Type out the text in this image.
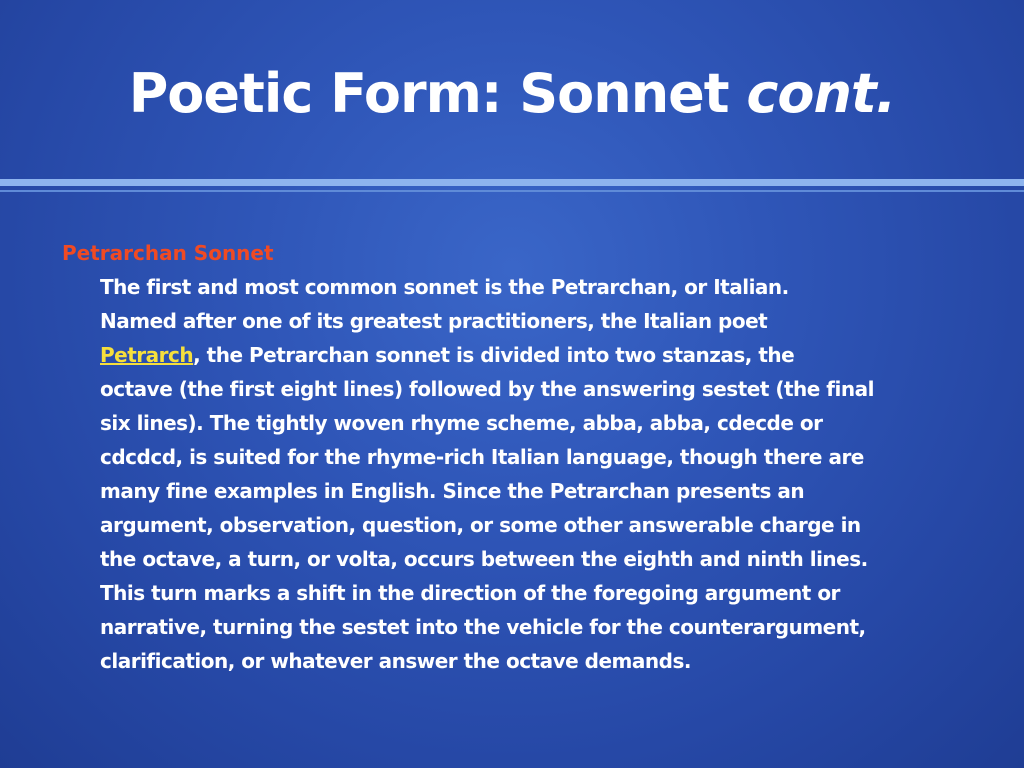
Poetic Form: Sonnet cont.
Petrarchan Sonnet
The first and most common sonnet is the Petrarchan, or Italian.
Named after one of its greatest practitioners, the Italian poet
Petrarch, the Petrarchan sonnet is divided into two stanzas, the
octave (the first eight lines) followed by the answering sestet (the final
six lines). The tightly woven rhyme scheme, abba, abba, cdecde or
cdcdcd, is suited for the rhyme-rich Italian language, though there are
many fine examples in English. Since the Petrarchan presents an
argument, observation, question, or some other answerable charge in
the octave, a turn, or volta, occurs between the eighth and ninth lines.
This turn marks a shift in the direction of the foregoing argument or
narrative, turning the sestet into the vehicle for the counterargument,
clarification, or whatever answer the octave demands.
